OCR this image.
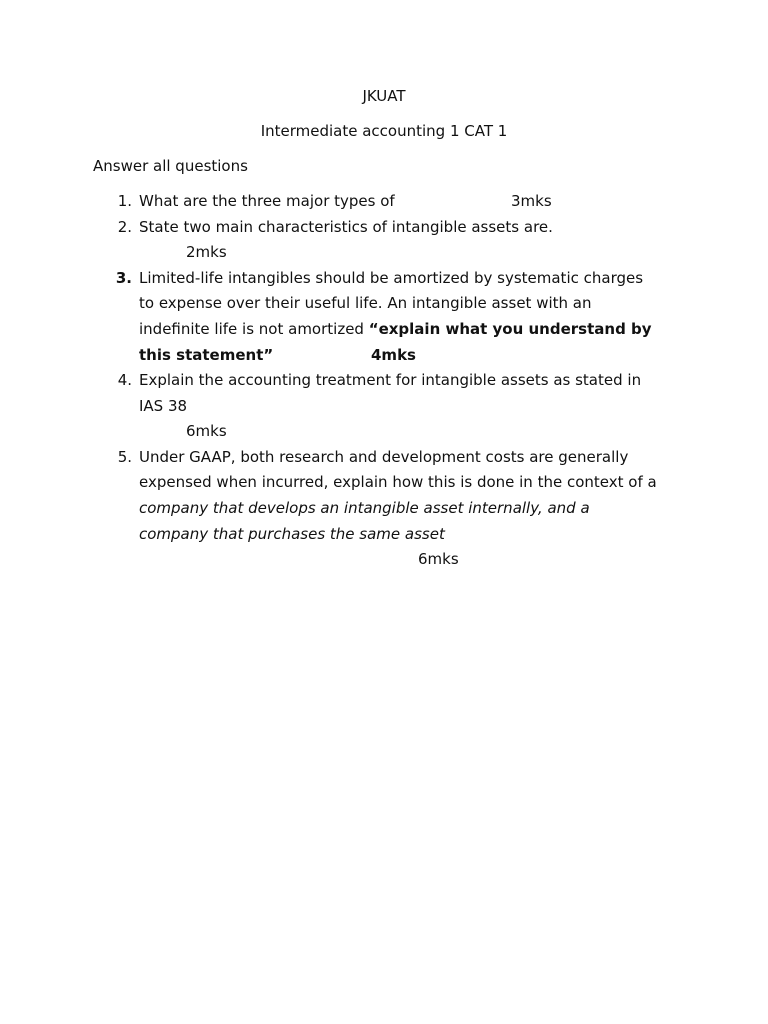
JKUAT
Intermediate accounting 1 CAT 1
Answer all questions
1. What are the three major types of	3mks
2. State two main characteristics of intangible assets are.
2mks
3. Limited-life intangibles should be amortized by systematic charges
to expense over their useful life. An intangible asset with an
indefinite life is not amortized “explain what you understand by
this statement”	4mks
4. Explain the accounting treatment for intangible assets as stated in
IAS 38
6mks
5. Under GAAP, both research and development costs are generally
expensed when incurred, explain how this is done in the context of a
company that develops an intangible asset internally, and a
company that purchases the same asset
6mks
